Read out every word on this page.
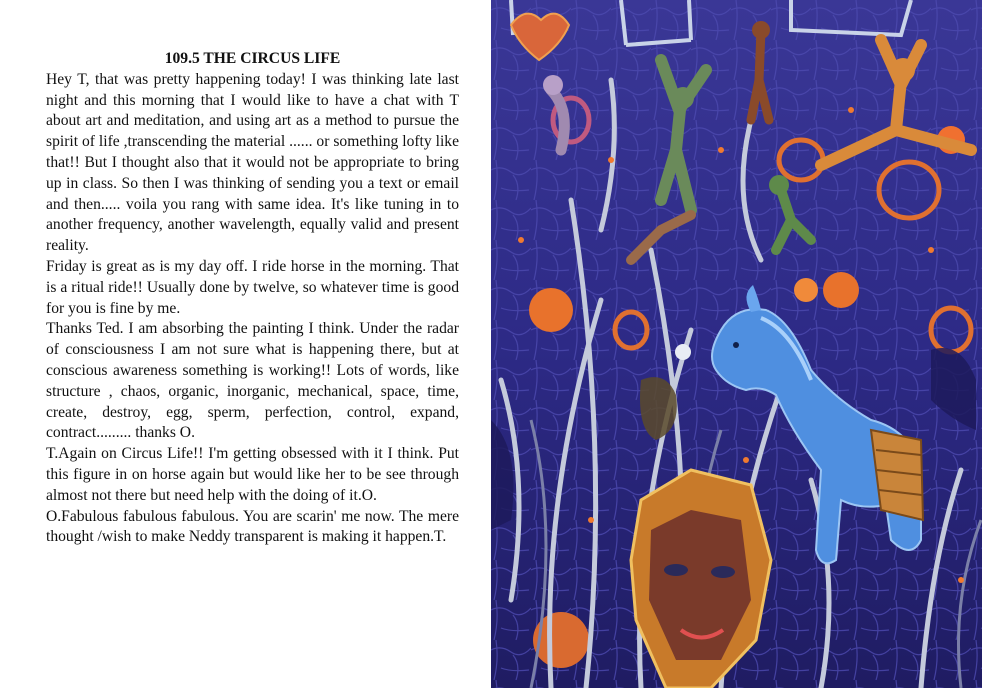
109.5 THE CIRCUS LIFE

Hey T, that was pretty happening today! I was thinking late last night and this morning that I would like to have a chat with T about art and meditation, and using art as a method to pursue the spirit of life ,transcending the material ...... or something lofty like that!! But I thought also that it would not be appropriate to bring up in class. So then I was thinking of sending you a text or email and then..... voila you rang with same idea. It's like tuning in to another frequency, another wavelength, equally valid and present reality.

Friday is great as is my day off. I ride horse in the morning. That is a ritual ride!! Usually done by twelve, so whatever time is good for you is fine by me.

Thanks Ted. I am absorbing the painting I think. Under the radar of consciousness I am not sure what is happening there, but at conscious awareness something is working!! Lots of words, like structure , chaos, organic, inorganic, mechanical, space, time, create, destroy, egg, sperm, perfection, control, expand, contract......... thanks O.

T.Again on Circus Life!! I'm getting obsessed with it I think. Put this figure in on horse again but would like her to be see through almost not there but need help with the doing of it.O.

O.Fabulous fabulous fabulous. You are scarin' me now. The mere thought /wish to make Neddy transparent is making it happen.T.
